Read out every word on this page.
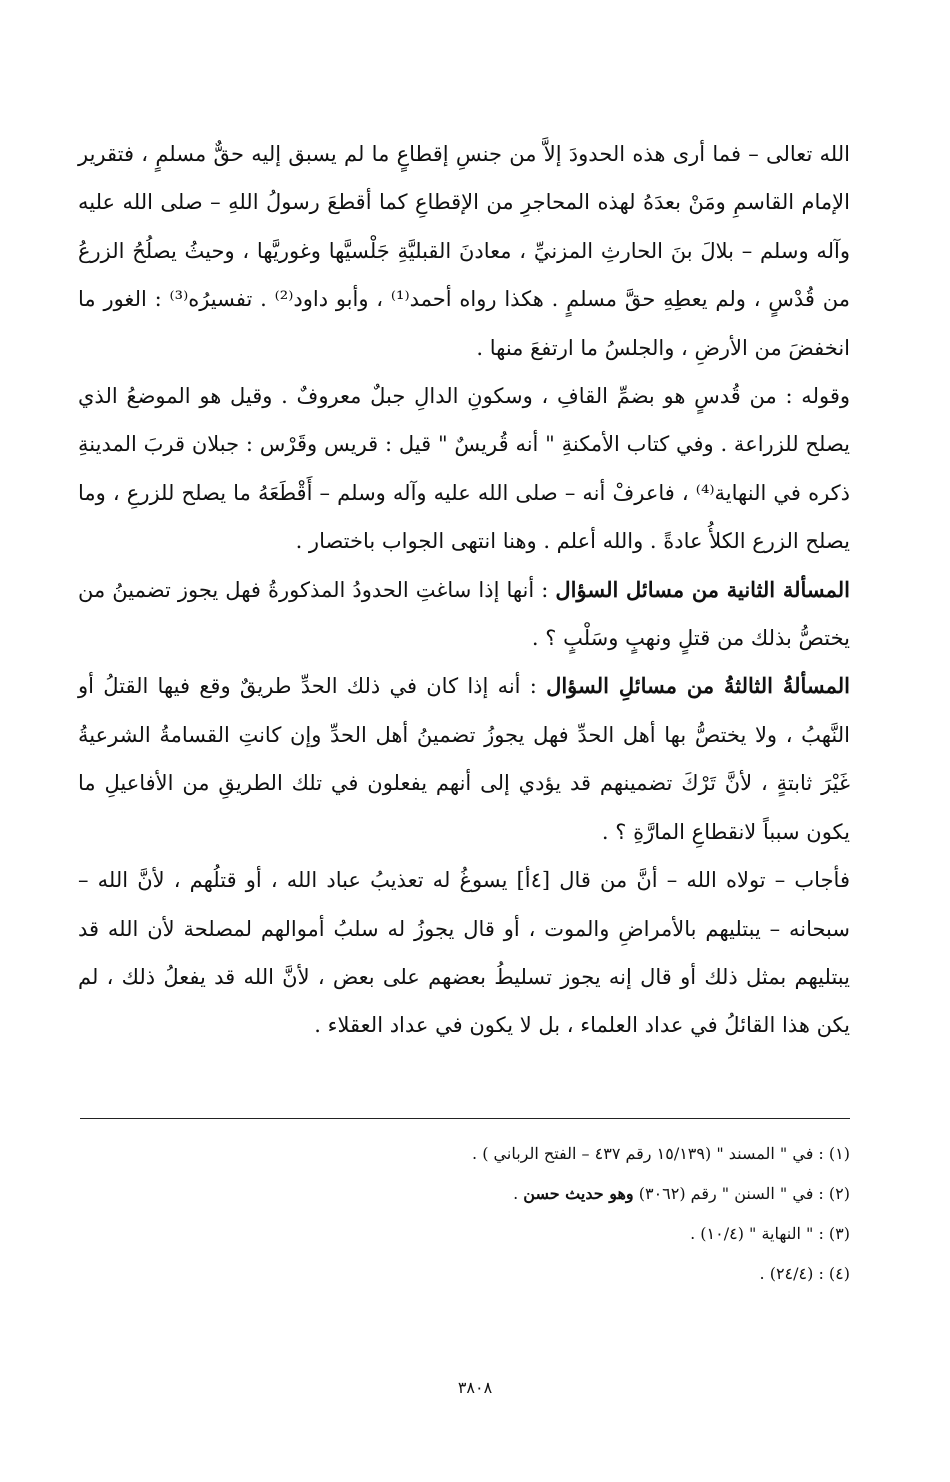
الله تعالى – فما أرى هذه الحدودَ إلاَّ من جنسِ إقطاعٍ ما لم يسبق إليه حقٌّ مسلمٍ ، فتقرير الإمام القاسمِ ومَنْ بعدَهُ لهذه المحاجرِ من الإقطاعِ كما أقطعَ رسولُ اللهِ – صلى الله عليه وآله وسلم – بلالَ بنَ الحارثِ المزنيِّ ، معادنَ القبليَّةِ جَلْسيَّها وغوريَّها ، وحيثُ يصلُحُ الزرعُ من قُدْسٍ ، ولم يعطِهِ حقَّ مسلمٍ . هكذا رواه أحمد⁽¹⁾ ، وأبو داود⁽²⁾ . تفسيرُه⁽³⁾ : الغور ما انخفضَ من الأرضِ ، والجلسُ ما ارتفعَ منها .

وقوله : من قُدسٍ هو بضمِّ القافِ ، وسكونِ الدالِ جبلٌ معروفٌ . وقيل هو الموضعُ الذي يصلح للزراعة . وفي كتاب الأمكنةِ " أنه قُريسٌ " قيل : قريس وقَرْس : جبلان قربَ المدينةِ ذكره في النهاية⁽⁴⁾ ، فاعرفْ أنه – صلى الله عليه وآله وسلم – أَقْطَعَهُ ما يصلح للزرعِ ، وما يصلح الزرع الكلأُ عادةً . والله أعلم . وهنا انتهى الجواب باختصار .

المسألة الثانية من مسائل السؤال : أنها إذا ساغتِ الحدودُ المذكورةُ فهل يجوز تضمينُ من يختصُّ بذلك من قتلٍ ونهبٍ وسَلْبٍ ؟ .

المسألةُ الثالثةُ من مسائلِ السؤال : أنه إذا كان في ذلك الحدِّ طريقٌ وقع فيها القتلُ أو النَّهبُ ، ولا يختصُّ بها أهل الحدِّ فهل يجوزُ تضمينُ أهل الحدِّ وإن كانتِ القسامةُ الشرعيةُ غَيْرَ ثابتةٍ ، لأنَّ تَرْكَ تضمينهم قد يؤدي إلى أنهم يفعلون في تلك الطريقِ من الأفاعيلِ ما يكون سبباً لانقطاعِ المارَّةِ ؟ .

فأجاب – تولاه الله – أنَّ من قال [٤أ] يسوغُ له تعذيبُ عباد الله ، أو قتلُهم ، لأنَّ الله – سبحانه – يبتليهم بالأمراضِ والموت ، أو قال يجوزُ له سلبُ أموالهم لمصلحة لأن الله قد يبتليهم بمثل ذلك أو قال إنه يجوز تسليطُ بعضهم على بعض ، لأنَّ الله قد يفعلُ ذلك ، لم يكن هذا القائلُ في عداد العلماء ، بل لا يكون في عداد العقلاء .

(١) : في " المسند " (١٥/١٣٩ رقم ٤٣٧ – الفتح الرباني ) .

(٢) : في " السنن " رقم (٣٠٦٢) وهو حديث حسن .

(٣) : " النهاية " (١٠/٤) .

(٤) : (٢٤/٤) .

٣٨٠٨
